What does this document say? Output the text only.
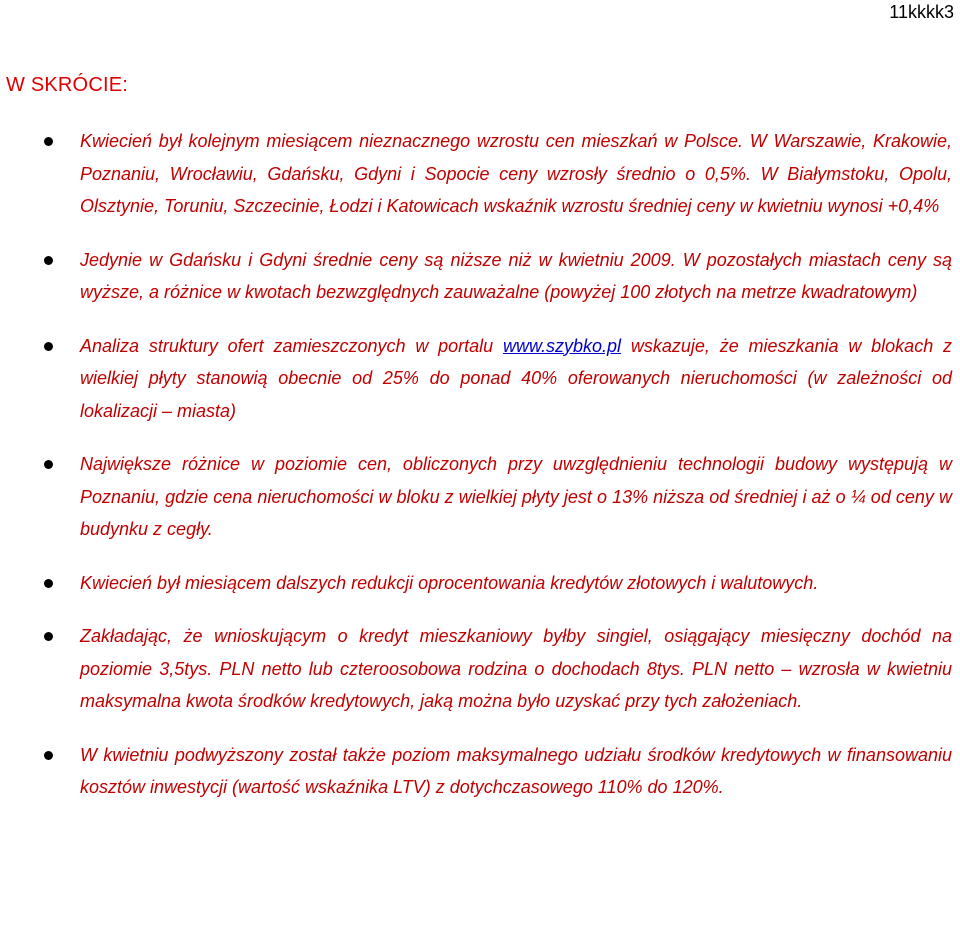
11kkkk3
W SKRÓCIE:
Kwiecień był kolejnym miesiącem nieznacznego wzrostu cen mieszkań w Polsce. W Warszawie, Krakowie, Poznaniu, Wrocławiu, Gdańsku, Gdyni i Sopocie ceny wzrosły średnio o 0,5%. W Białymstoku, Opolu, Olsztynie, Toruniu, Szczecinie, Łodzi i Katowicach wskaźnik wzrostu średniej ceny w kwietniu wynosi +0,4%
Jedynie w Gdańsku i Gdyni średnie ceny są niższe niż w kwietniu 2009. W pozostałych miastach ceny są wyższe, a różnice w kwotach bezwzględnych zauważalne (powyżej 100 złotych na metrze kwadratowym)
Analiza struktury ofert zamieszczonych w portalu www.szybko.pl wskazuje, że mieszkania w blokach z wielkiej płyty stanowią obecnie od 25% do ponad 40% oferowanych nieruchomości (w zależności od lokalizacji – miasta)
Największe różnice w poziomie cen, obliczonych przy uwzględnieniu technologii budowy występują w Poznaniu, gdzie cena nieruchomości w bloku z wielkiej płyty jest o 13% niższa od średniej i aż o ¼ od ceny w budynku z cegły.
Kwiecień był miesiącem dalszych redukcji oprocentowania kredytów złotowych i walutowych.
Zakładając, że wnioskującym o kredyt mieszkaniowy byłby singiel, osiągający miesięczny dochód na poziomie 3,5tys. PLN netto lub czteroosobowa rodzina o dochodach 8tys. PLN netto – wzrosła w kwietniu maksymalna kwota środków kredytowych, jaką można było uzyskać przy tych założeniach.
W kwietniu podwyższony został także poziom maksymalnego udziału środków kredytowych w finansowaniu kosztów inwestycji (wartość wskaźnika LTV) z dotychczasowego 110% do 120%.
